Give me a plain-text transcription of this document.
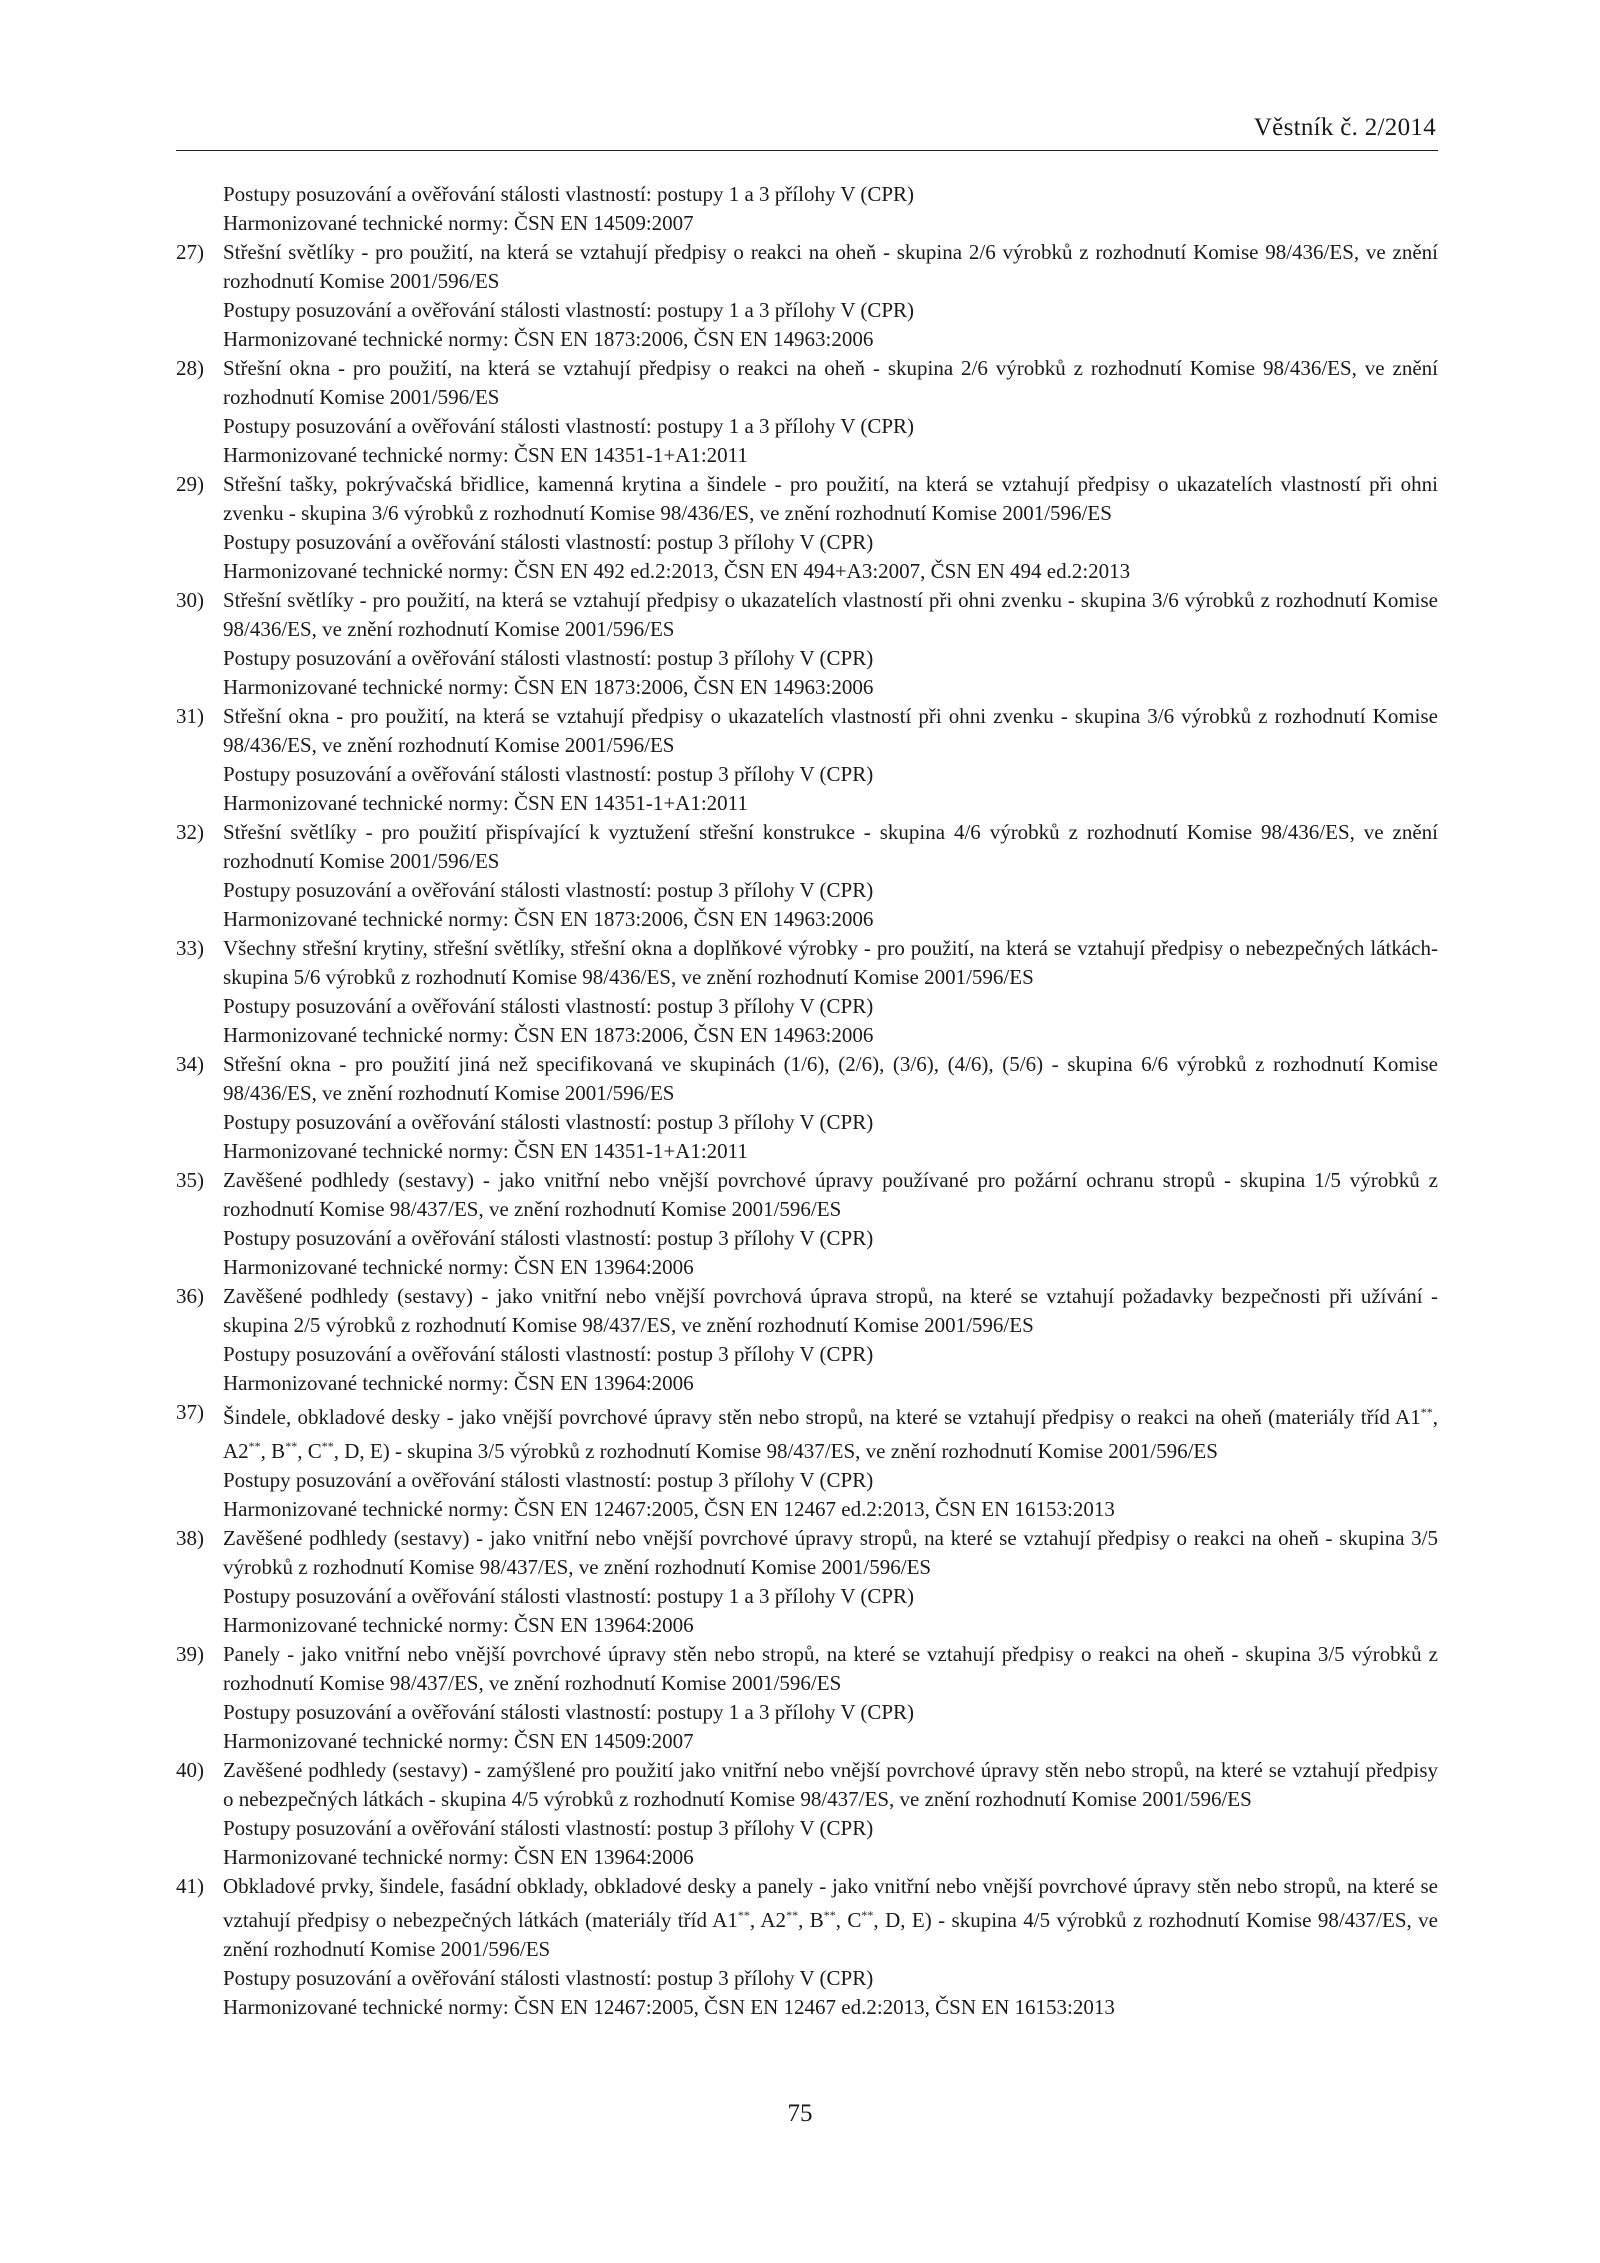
Věstník č. 2/2014
Postupy posuzování a ověřování stálosti vlastností: postupy 1 a 3 přílohy V (CPR)
Harmonizované technické normy: ČSN EN 14509:2007
27) Střešní světlíky - pro použití, na která se vztahují předpisy o reakci na oheň - skupina 2/6 výrobků z rozhodnutí Komise 98/436/ES, ve znění rozhodnutí Komise 2001/596/ES
Postupy posuzování a ověřování stálosti vlastností: postupy 1 a 3 přílohy V (CPR)
Harmonizované technické normy: ČSN EN 1873:2006, ČSN EN 14963:2006
28) Střešní okna - pro použití, na která se vztahují předpisy o reakci na oheň - skupina 2/6 výrobků z rozhodnutí Komise 98/436/ES, ve znění rozhodnutí Komise 2001/596/ES
Postupy posuzování a ověřování stálosti vlastností: postupy 1 a 3 přílohy V (CPR)
Harmonizované technické normy: ČSN EN 14351-1+A1:2011
29) Střešní tašky, pokrývačská břidlice, kamenná krytina a šindele - pro použití, na která se vztahují předpisy o ukazatelích vlastností při ohni zvenku - skupina 3/6 výrobků z rozhodnutí Komise 98/436/ES, ve znění rozhodnutí Komise 2001/596/ES
Postupy posuzování a ověřování stálosti vlastností: postup 3 přílohy V (CPR)
Harmonizované technické normy: ČSN EN 492 ed.2:2013, ČSN EN 494+A3:2007, ČSN EN 494 ed.2:2013
30) Střešní světlíky - pro použití, na která se vztahují předpisy o ukazatelích vlastností při ohni zvenku - skupina 3/6 výrobků z rozhodnutí Komise 98/436/ES, ve znění rozhodnutí Komise 2001/596/ES
Postupy posuzování a ověřování stálosti vlastností: postup 3 přílohy V (CPR)
Harmonizované technické normy: ČSN EN 1873:2006, ČSN EN 14963:2006
31) Střešní okna - pro použití, na která se vztahují předpisy o ukazatelích vlastností při ohni zvenku - skupina 3/6 výrobků z rozhodnutí Komise 98/436/ES, ve znění rozhodnutí Komise 2001/596/ES
Postupy posuzování a ověřování stálosti vlastností: postup 3 přílohy V (CPR)
Harmonizované technické normy: ČSN EN 14351-1+A1:2011
32) Střešní světlíky - pro použití přispívající k vyztužení střešní konstrukce - skupina 4/6 výrobků z rozhodnutí Komise 98/436/ES, ve znění rozhodnutí Komise 2001/596/ES
Postupy posuzování a ověřování stálosti vlastností: postup 3 přílohy V (CPR)
Harmonizované technické normy: ČSN EN 1873:2006, ČSN EN 14963:2006
33) Všechny střešní krytiny, střešní světlíky, střešní okna a doplňkové výrobky - pro použití, na která se vztahují předpisy o nebezpečných látkách- skupina 5/6 výrobků z rozhodnutí Komise 98/436/ES, ve znění rozhodnutí Komise 2001/596/ES
Postupy posuzování a ověřování stálosti vlastností: postup 3 přílohy V (CPR)
Harmonizované technické normy: ČSN EN 1873:2006, ČSN EN 14963:2006
34) Střešní okna - pro použití jiná než specifikovaná ve skupinách (1/6), (2/6), (3/6), (4/6), (5/6) - skupina 6/6 výrobků z rozhodnutí Komise 98/436/ES, ve znění rozhodnutí Komise 2001/596/ES
Postupy posuzování a ověřování stálosti vlastností: postup 3 přílohy V (CPR)
Harmonizované technické normy: ČSN EN 14351-1+A1:2011
35) Zavěšené podhledy (sestavy) - jako vnitřní nebo vnější povrchové úpravy používané pro požární ochranu stropů - skupina 1/5 výrobků z rozhodnutí Komise 98/437/ES, ve znění rozhodnutí Komise 2001/596/ES
Postupy posuzování a ověřování stálosti vlastností: postup 3 přílohy V (CPR)
Harmonizované technické normy: ČSN EN 13964:2006
36) Zavěšené podhledy (sestavy) - jako vnitřní nebo vnější povrchová úprava stropů, na které se vztahují požadavky bezpečnosti při užívání - skupina 2/5 výrobků z rozhodnutí Komise 98/437/ES, ve znění rozhodnutí Komise 2001/596/ES
Postupy posuzování a ověřování stálosti vlastností: postup 3 přílohy V (CPR)
Harmonizované technické normy: ČSN EN 13964:2006
37) Šindele, obkladové desky - jako vnější povrchové úpravy stěn nebo stropů, na které se vztahují předpisy o reakci na oheň (materiály tříd A1**, A2**, B**, C**, D, E) - skupina 3/5 výrobků z rozhodnutí Komise 98/437/ES, ve znění rozhodnutí Komise 2001/596/ES
Postupy posuzování a ověřování stálosti vlastností: postup 3 přílohy V (CPR)
Harmonizované technické normy: ČSN EN 12467:2005, ČSN EN 12467 ed.2:2013, ČSN EN 16153:2013
38) Zavěšené podhledy (sestavy) - jako vnitřní nebo vnější povrchové úpravy stropů, na které se vztahují předpisy o reakci na oheň - skupina 3/5 výrobků z rozhodnutí Komise 98/437/ES, ve znění rozhodnutí Komise 2001/596/ES
Postupy posuzování a ověřování stálosti vlastností: postupy 1 a 3 přílohy V (CPR)
Harmonizované technické normy: ČSN EN 13964:2006
39) Panely - jako vnitřní nebo vnější povrchové úpravy stěn nebo stropů, na které se vztahují předpisy o reakci na oheň - skupina 3/5 výrobků z rozhodnutí Komise 98/437/ES, ve znění rozhodnutí Komise 2001/596/ES
Postupy posuzování a ověřování stálosti vlastností: postupy 1 a 3 přílohy V (CPR)
Harmonizované technické normy: ČSN EN 14509:2007
40) Zavěšené podhledy (sestavy) - zamýšlené pro použití jako vnitřní nebo vnější povrchové úpravy stěn nebo stropů, na které se vztahují předpisy o nebezpečných látkách - skupina 4/5 výrobků z rozhodnutí Komise 98/437/ES, ve znění rozhodnutí Komise 2001/596/ES
Postupy posuzování a ověřování stálosti vlastností: postup 3 přílohy V (CPR)
Harmonizované technické normy: ČSN EN 13964:2006
41) Obkladové prvky, šindele, fasádní obklady, obkladové desky a panely - jako vnitřní nebo vnější povrchové úpravy stěn nebo stropů, na které se vztahují předpisy o nebezpečných látkách (materiály tříd A1**, A2**, B**, C**, D, E) - skupina 4/5 výrobků z rozhodnutí Komise 98/437/ES, ve znění rozhodnutí Komise 2001/596/ES
Postupy posuzování a ověřování stálosti vlastností: postup 3 přílohy V (CPR)
Harmonizované technické normy: ČSN EN 12467:2005, ČSN EN 12467 ed.2:2013, ČSN EN 16153:2013
75
